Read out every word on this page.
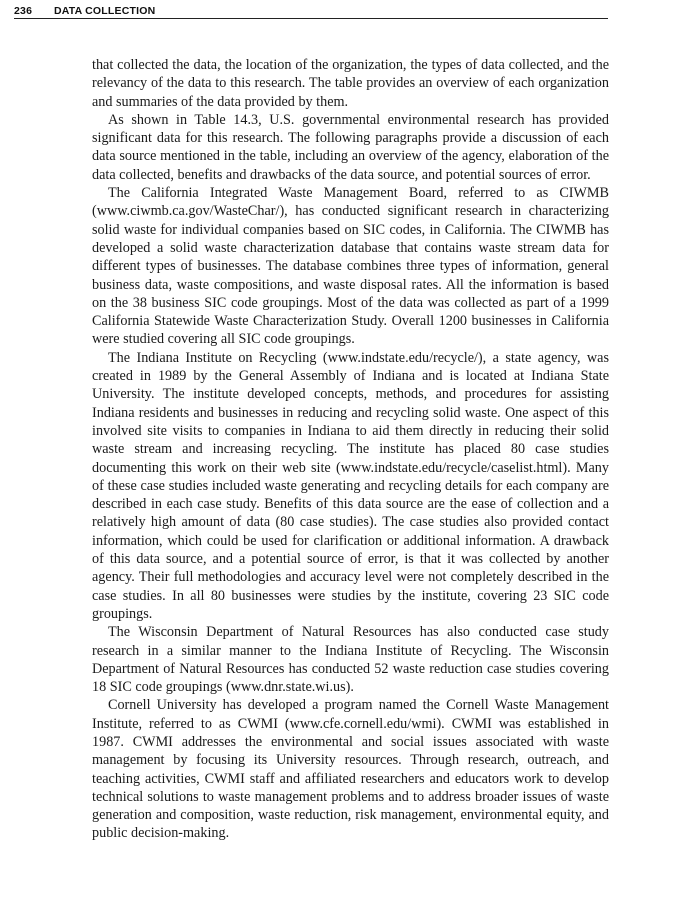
236 DATA COLLECTION

that collected the data, the location of the organization, the types of data collected, and the relevancy of the data to this research. The table provides an overview of each organization and summaries of the data provided by them.

As shown in Table 14.3, U.S. governmental environmental research has provided significant data for this research. The following paragraphs provide a discussion of each data source mentioned in the table, including an overview of the agency, elaboration of the data collected, benefits and drawbacks of the data source, and potential sources of error.

The California Integrated Waste Management Board, referred to as CIWMB (www.ciwmb.ca.gov/WasteChar/), has conducted significant research in characterizing solid waste for individual companies based on SIC codes, in California. The CIWMB has developed a solid waste characterization database that contains waste stream data for different types of businesses. The database combines three types of information, general business data, waste compositions, and waste disposal rates. All the information is based on the 38 business SIC code groupings. Most of the data was collected as part of a 1999 California Statewide Waste Characterization Study. Overall 1200 businesses in California were studied covering all SIC code groupings.

The Indiana Institute on Recycling (www.indstate.edu/recycle/), a state agency, was created in 1989 by the General Assembly of Indiana and is located at Indiana State University. The institute developed concepts, methods, and procedures for assisting Indiana residents and businesses in reducing and recycling solid waste. One aspect of this involved site visits to companies in Indiana to aid them directly in reducing their solid waste stream and increasing recycling. The institute has placed 80 case studies documenting this work on their web site (www.indstate.edu/recycle/caselist.html). Many of these case studies included waste generating and recycling details for each company are described in each case study. Benefits of this data source are the ease of collection and a relatively high amount of data (80 case studies). The case studies also provided contact information, which could be used for clarification or additional information. A drawback of this data source, and a potential source of error, is that it was collected by another agency. Their full methodologies and accuracy level were not completely described in the case studies. In all 80 businesses were studies by the institute, covering 23 SIC code groupings.

The Wisconsin Department of Natural Resources has also conducted case study research in a similar manner to the Indiana Institute of Recycling. The Wisconsin Department of Natural Resources has conducted 52 waste reduction case studies covering 18 SIC code groupings (www.dnr.state.wi.us).

Cornell University has developed a program named the Cornell Waste Management Institute, referred to as CWMI (www.cfe.cornell.edu/wmi). CWMI was established in 1987. CWMI addresses the environmental and social issues associated with waste management by focusing its University resources. Through research, outreach, and teaching activities, CWMI staff and affiliated researchers and educators work to develop technical solutions to waste management problems and to address broader issues of waste generation and composition, waste reduction, risk management, environmental equity, and public decision-making.
